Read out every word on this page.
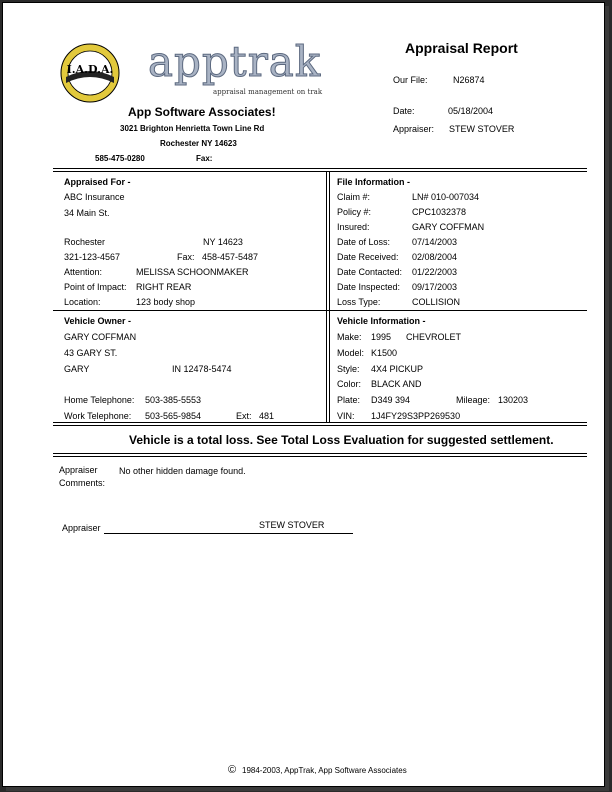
I.A.D.A. apptrak
appraisal management on trak
App Software Associates!
3021 Brighton Henrietta Town Line Rd
Rochester NY 14623
585-475-0280	Fax:
Appraisal Report
Our File:	N26874
Date:	05/18/2004
Appraiser: STEW STOVER
Appraised For -
ABC Insurance
34 Main St.
Rochester	NY 14623
321-123-4567	Fax: 458-457-5487
Attention:	MELISSA SCHOONMAKER
Point of Impact: RIGHT REAR
Location:	123 body shop
File Information -
Claim #:	LN# 010-007034
Policy #:	CPC1032378
Insured:	GARY COFFMAN
Date of Loss: 07/14/2003
Date Received: 02/08/2004
Date Contacted: 01/22/2003
Date Inspected: 09/17/2003
Loss Type:	COLLISION
Vehicle Owner -
GARY COFFMAN
43 GARY ST.
GARY	IN 12478-5474
Home Telephone: 503-385-5553
Work Telephone: 503-565-9854	Ext: 481
Vehicle Information -
Make: 1995 CHEVROLET
Model: K1500
Style: 4X4 PICKUP
Color: BLACK AND
Plate: D349 394	Mileage: 130203
VIN: 1J4FY29S3PP269530
Vehicle is a total loss. See Total Loss Evaluation for suggested settlement.
Appraiser
Comments:
No other hidden damage found.
Appraiser	STEW STOVER
© 1984-2003, AppTrak, App Software Associates
